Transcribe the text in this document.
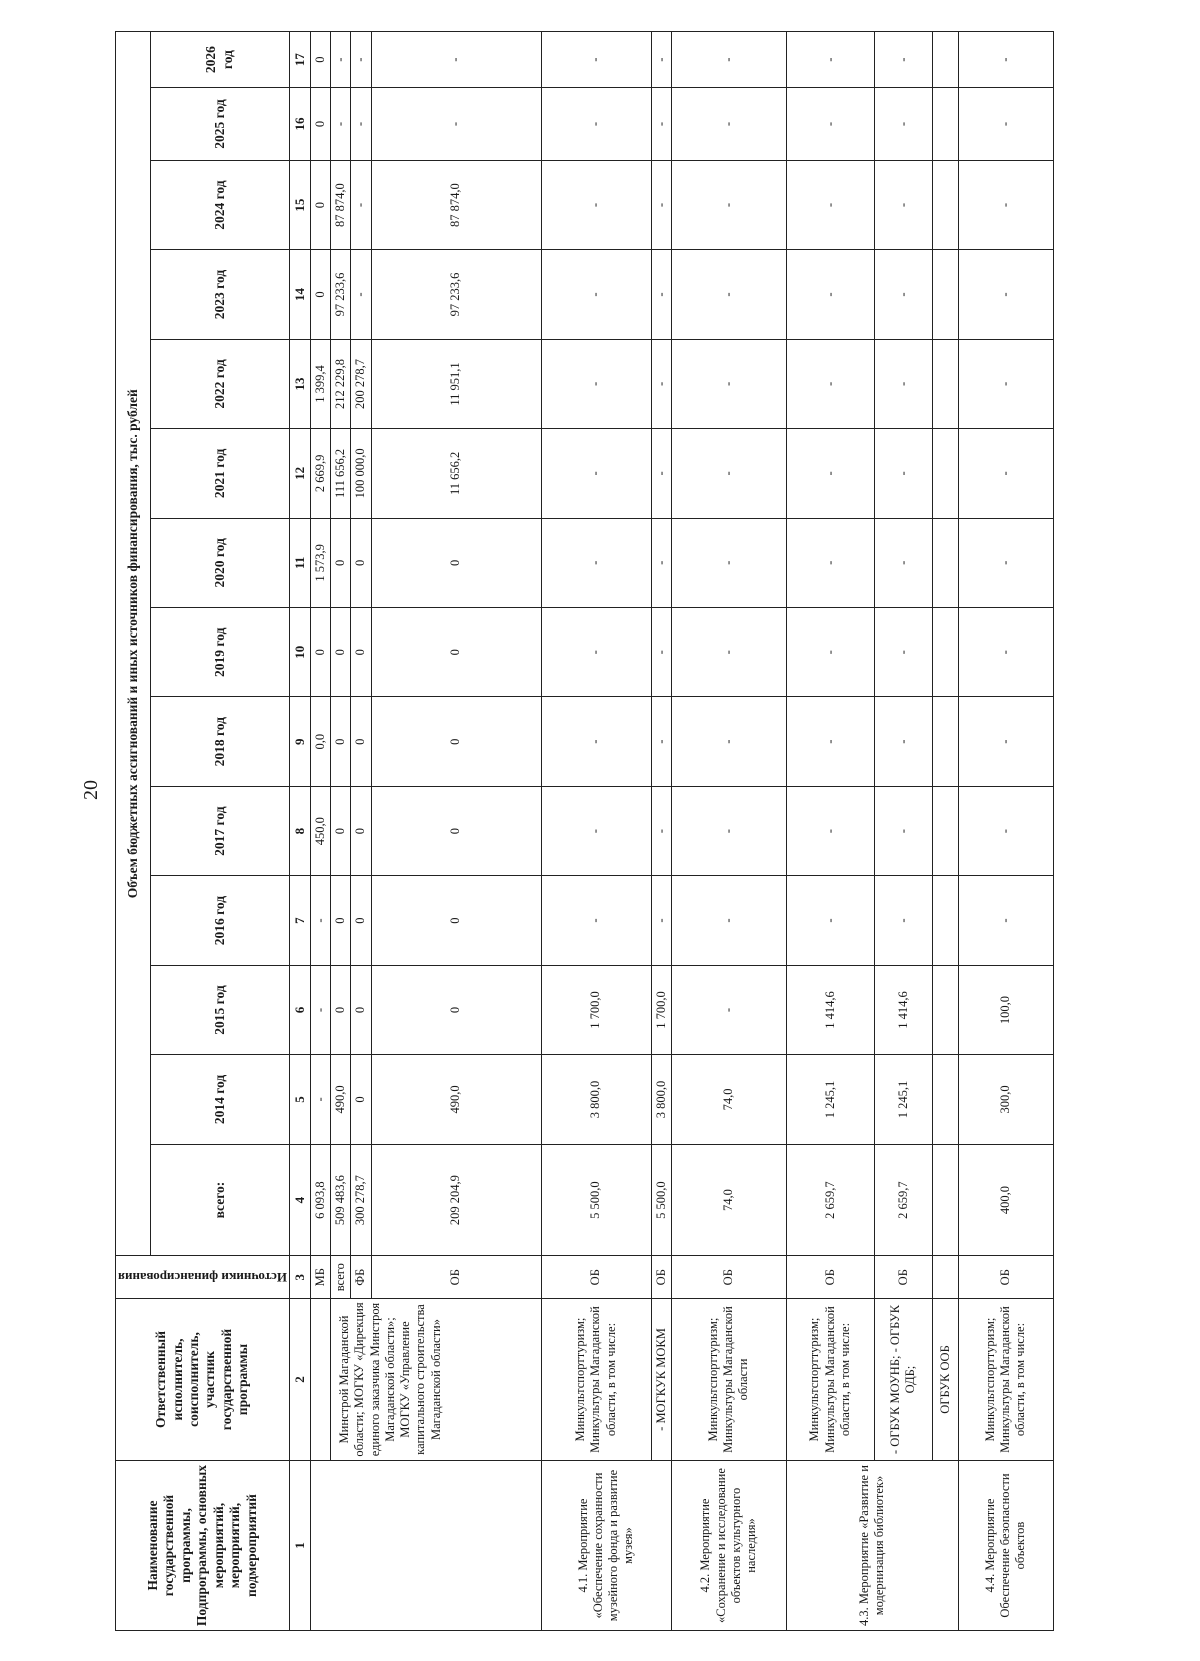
20
Наименование государственной программы, Подпрограммы, основных мероприятий, мероприятий, подмероприятий	Ответственный исполнитель, соисполнитель, участник государственной программы	Источники финансирования	Объем бюджетных ассигнований и иных источников финансирования, тыс. рублей													
			всего:	2014 год	2015 год	2016 год	2017 год	2018 год	2019 год	2020 год	2021 год	2022 год	2023 год	2024 год	2025 год	2026 год
1	2	3	4	5	6	7	8	9	10	11	12	13	14	15	16	17
		МБ	6 093,8	-	-	-	450,0	0,0	0	1 573,9	2 669,9	1 399,4	0	0	0	0
	Минстрой Магаданской области; МОГКУ «Дирекция единого заказчика Минстроя Магаданской области»; МОГКУ «Управление капитального строительства Магаданской области»	всего	509 483,6	490,0	0	0	0	0	0	0	111 656,2	212 229,8	97 233,6	87 874,0	-	-
		ФБ	300 278,7	0	0	0	0	0	0	0	100 000,0	200 278,7	-	-	-	-
		ОБ	209 204,9	490,0	0	0	0	0	0	0	11 656,2	11 951,1	97 233,6	87 874,0	-	-
4.1. Мероприятие «Обеспечение сохранности музейного фонда и развитие музея»	Минкультспорттуризм; Минкультуры Магаданской области, в том числе:	ОБ	5 500,0	3 800,0	1 700,0	-	-	-	-	-	-	-	-	-	-	-
	- МОГКУК МОКМ	ОБ	5 500,0	3 800,0	1 700,0	-	-	-	-	-	-	-	-	-	-	-
4.2. Мероприятие «Сохранение и исследование объектов культурного наследия»	Минкультспорттуризм; Минкультуры Магаданской области	ОБ	74,0	74,0	-	-	-	-	-	-	-	-	-	-	-	-
4.3. Мероприятие «Развитие и модернизация библиотек»	Минкультспорттуризм; Минкультуры Магаданской области, в том числе:	ОБ	2 659,7	1 245,1	1 414,6	-	-	-	-	-	-	-	-	-	-	-
	- ОГБУК МОУНБ; - ОГБУК ОДБ;	ОБ	2 659,7	1 245,1	1 414,6	-	-	-	-	-	-	-	-	-	-	-
	ОГБУК ООБ															
4.4. Мероприятие Обеспечение безопасности объектов	Минкультспорттуризм; Минкультуры Магаданской области, в том числе:	ОБ	400,0	300,0	100,0	-	-	-	-	-	-	-	-	-	-	-
